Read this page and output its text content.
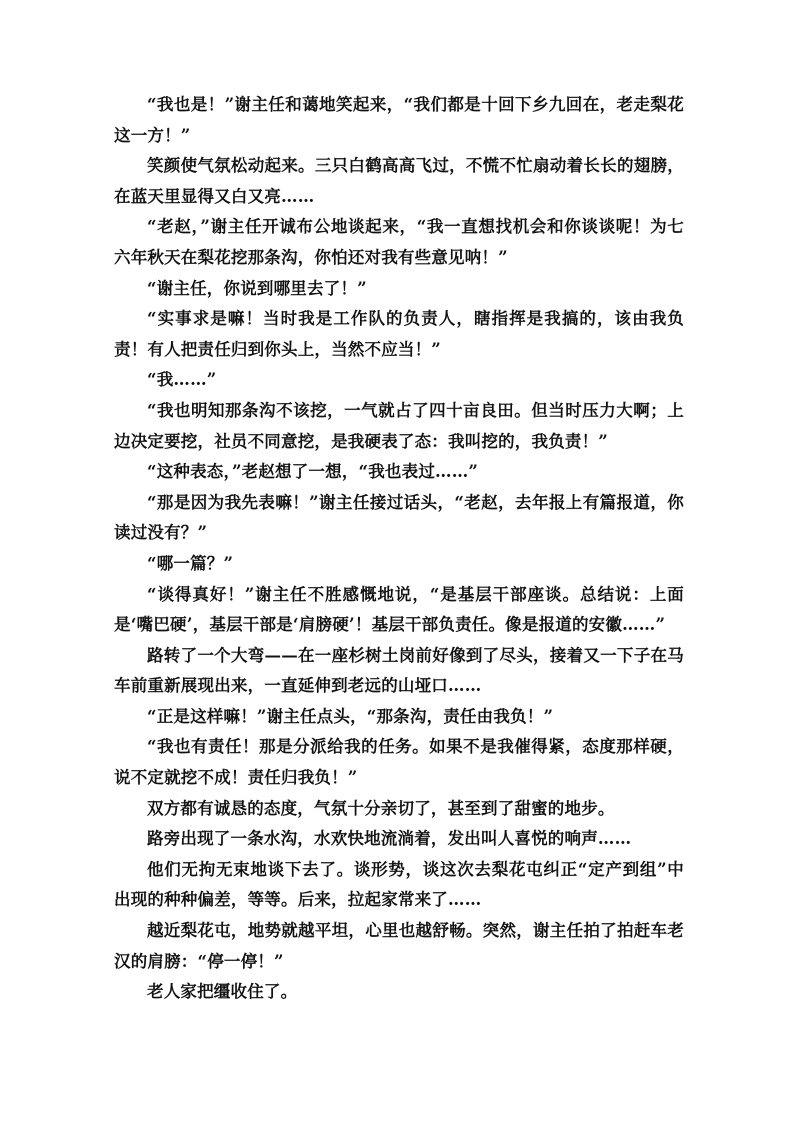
“我也是！”谢主任和蔼地笑起来，“我们都是十回下乡九回在，老走梨花这一方！”

笑颜使气氛松动起来。三只白鹤高高飞过，不慌不忙扇动着长长的翅膀，在蓝天里显得又白又亮……

“老赵，”谢主任开诚布公地谈起来，“我一直想找机会和你谈谈呢！为七六年秋天在梨花挖那条沟，你怕还对我有些意见呐！”

“谢主任，你说到哪里去了！”

“实事求是嘛！当时我是工作队的负责人，瞎指挥是我搞的，该由我负责！有人把责任归到你头上，当然不应当！”

“我……”

“我也明知那条沟不该挖，一气就占了四十亩良田。但当时压力大啊；上边决定要挖，社员不同意挖，是我硬表了态：我叫挖的，我负责！”

“这种表态，”老赵想了一想，“我也表过……”

“那是因为我先表嘛！”谢主任接过话头，“老赵，去年报上有篇报道，你读过没有？”

“哪一篇？”

“谈得真好！”谢主任不胜感慨地说，“是基层干部座谈。总结说：上面是‘嘴巴硬’，基层干部是‘肩膀硬’！基层干部负责任。像是报道的安徽……”

路转了一个大弯——在一座杉树土岗前好像到了尽头，接着又一下子在马车前重新展现出来，一直延伸到老远的山垭口……

“正是这样嘛！”谢主任点头，“那条沟，责任由我负！”

“我也有责任！那是分派给我的任务。如果不是我催得紧，态度那样硬，说不定就挖不成！责任归我负！”

双方都有诚恳的态度，气氛十分亲切了，甚至到了甜蜜的地步。

路旁出现了一条水沟，水欢快地流淌着，发出叫人喜悦的响声……

他们无拘无束地谈下去了。谈形势，谈这次去梨花屯纠正“定产到组”中出现的种种偏差，等等。后来，拉起家常来了……

越近梨花屯，地势就越平坦，心里也越舒畅。突然，谢主任拍了拍赶车老汉的肩膀：“停一停！”

老人家把缰收住了。
